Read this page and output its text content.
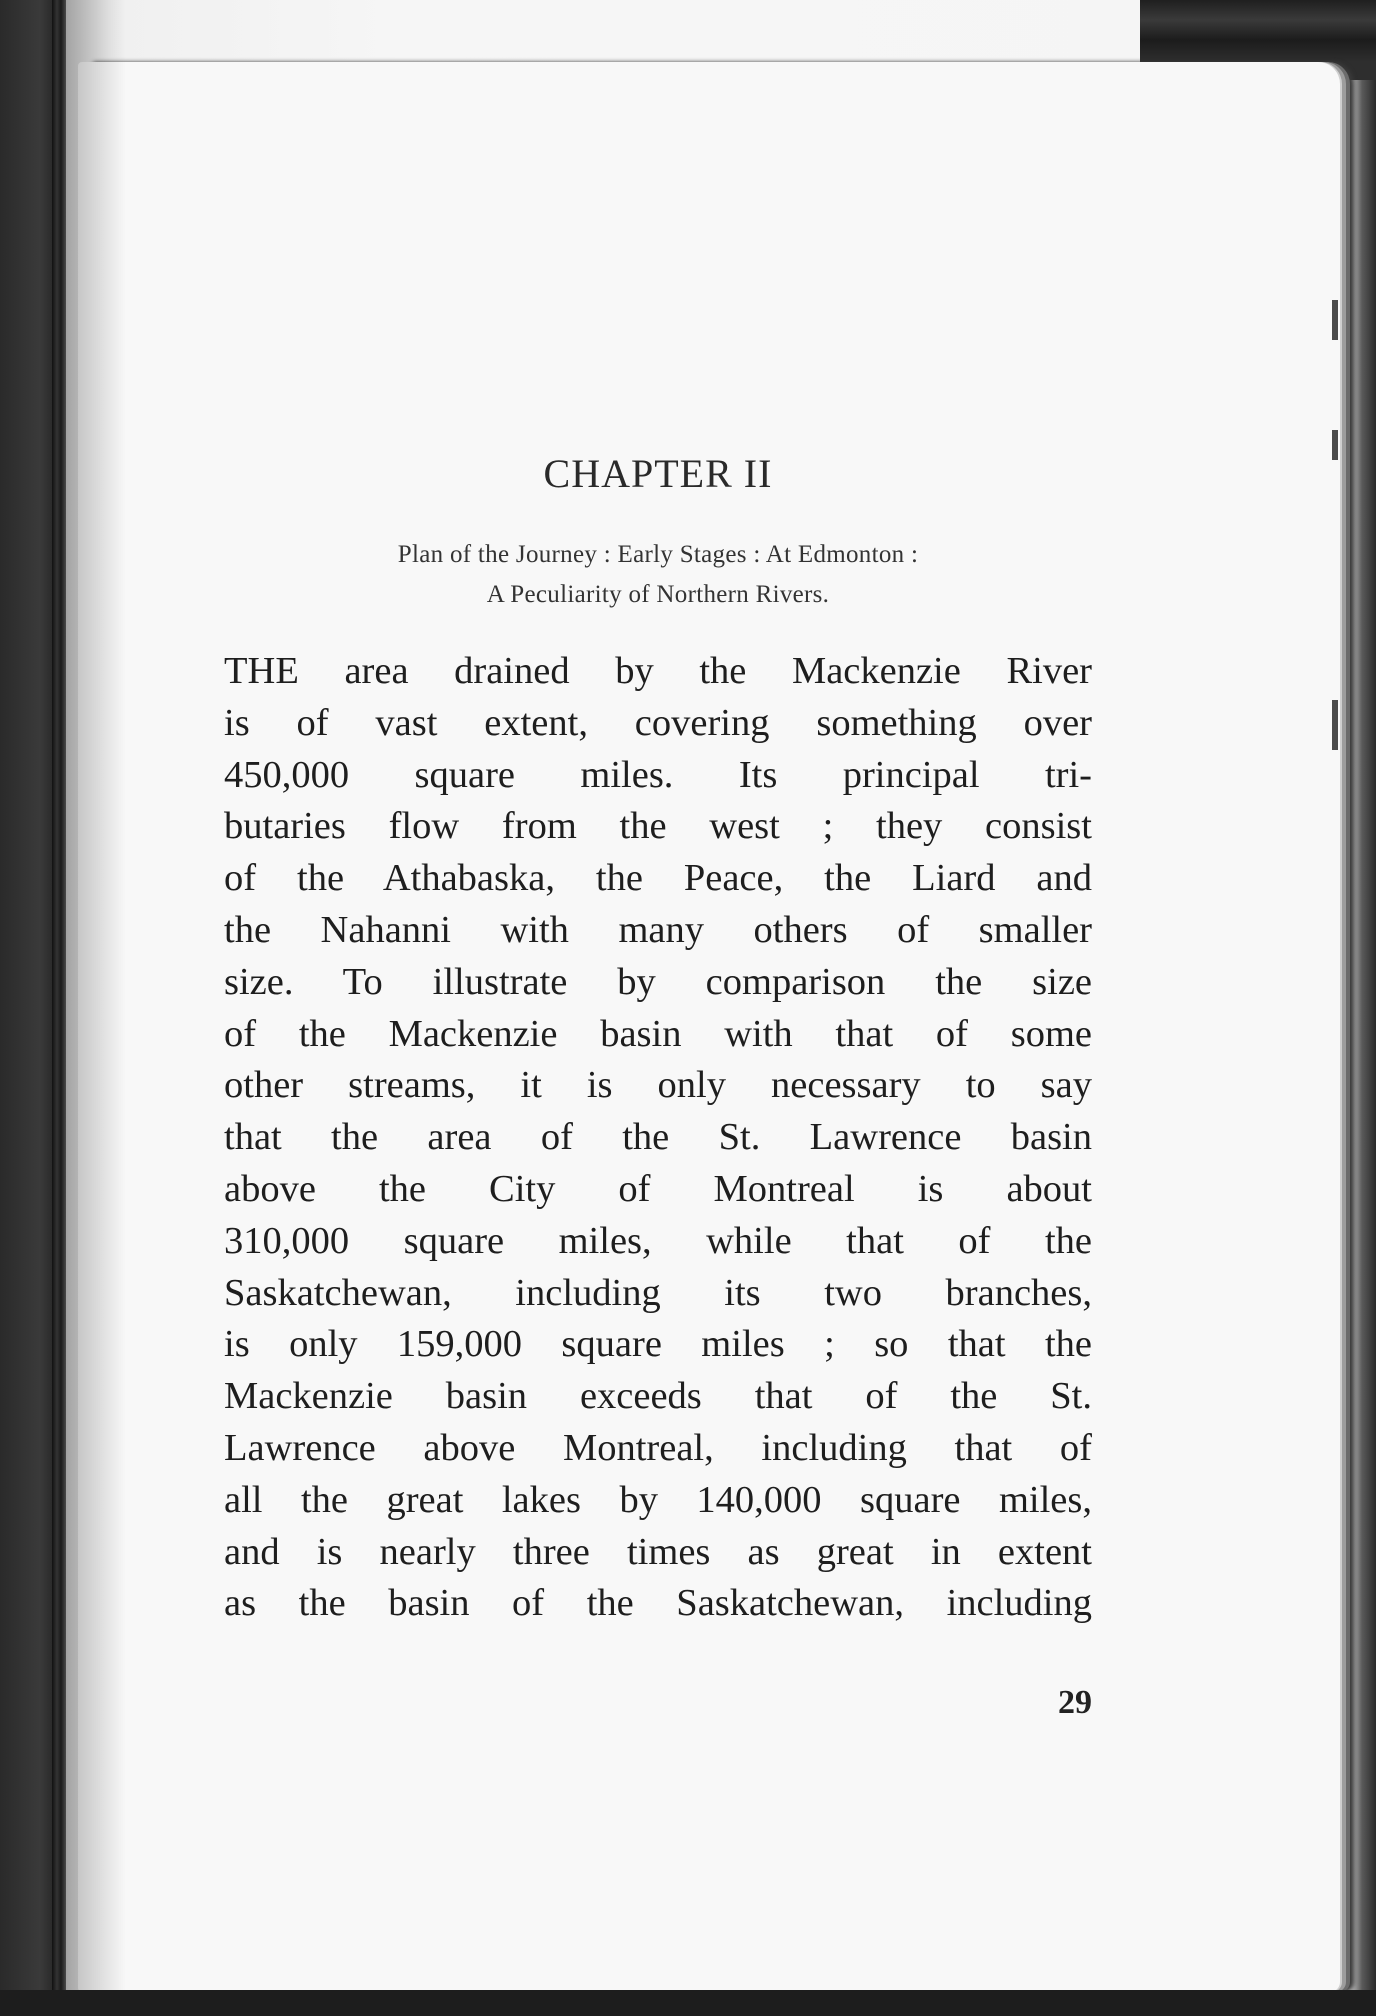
CHAPTER II
Plan of the Journey : Early Stages : At Edmonton :
A Peculiarity of Northern Rivers.
THE area drained by the Mackenzie River
is of vast extent, covering something over
450,000 square miles. Its principal tri-
butaries flow from the west ; they consist
of the Athabaska, the Peace, the Liard and
the Nahanni with many others of smaller
size. To illustrate by comparison the size
of the Mackenzie basin with that of some
other streams, it is only necessary to say
that the area of the St. Lawrence basin
above the City of Montreal is about
310,000 square miles, while that of the
Saskatchewan, including its two branches,
is only 159,000 square miles ; so that the
Mackenzie basin exceeds that of the St.
Lawrence above Montreal, including that of
all the great lakes by 140,000 square miles,
and is nearly three times as great in extent
as the basin of the Saskatchewan, including
29
